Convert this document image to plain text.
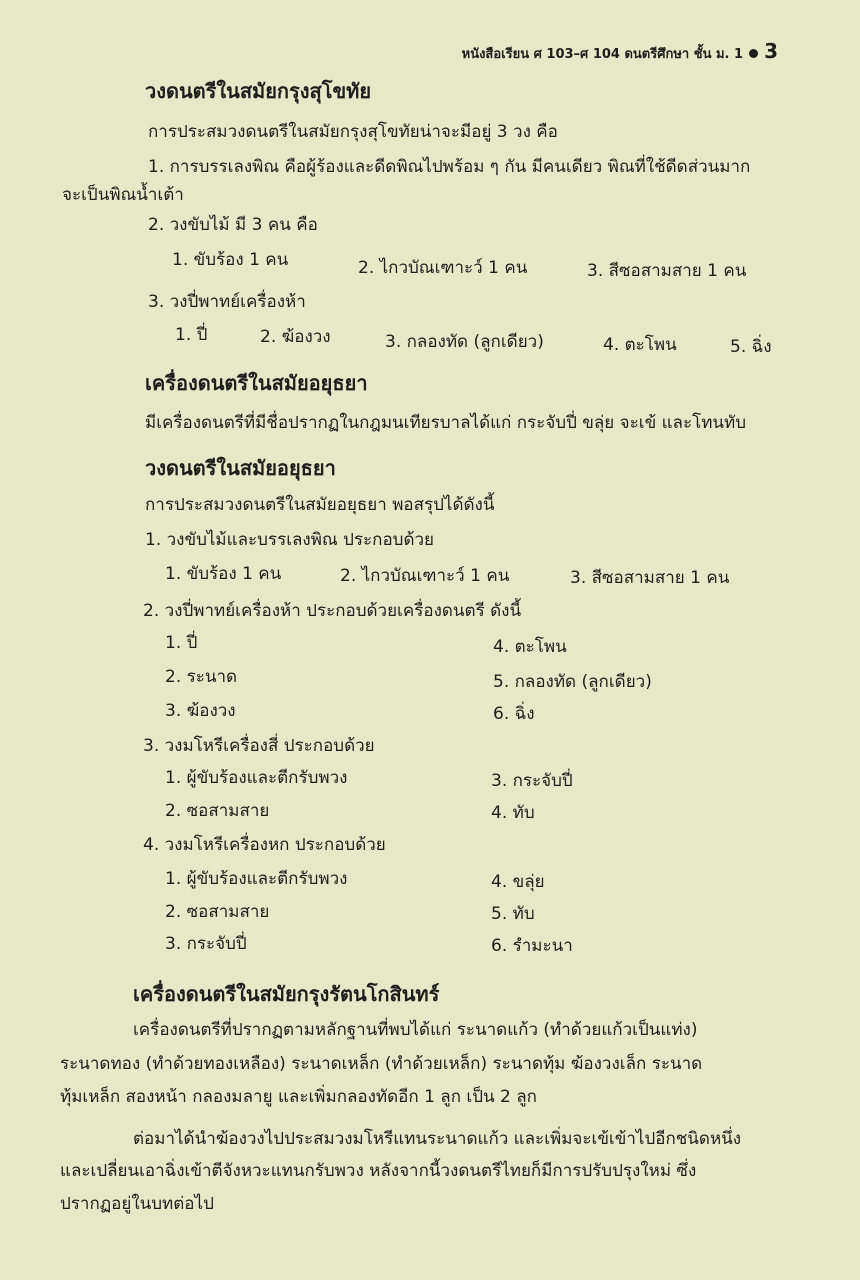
หนังสือเรียน ศ 103–ศ 104 ดนตรีศึกษา ชั้น ม. 1 3
วงดนตรีในสมัยกรุงสุโขทัย
การประสมวงดนตรีในสมัยกรุงสุโขทัยน่าจะมีอยู่ 3 วง คือ
1. การบรรเลงพิณ คือผู้ร้องและดีดพิณไปพร้อม ๆ กัน มีคนเดียว พิณที่ใช้ดีดส่วนมาก
จะเป็นพิณน้ำเต้า
2. วงขับไม้ มี 3 คน คือ
1. ขับร้อง 1 คน	2. ไกวบัณเฑาะว์ 1 คน	3. สีซอสามสาย 1 คน
3. วงปี่พาทย์เครื่องห้า
1. ปี่	2. ฆ้องวง	3. กลองทัด (ลูกเดียว)	4. ตะโพน	5. ฉิ่ง
เครื่องดนตรีในสมัยอยุธยา
มีเครื่องดนตรีที่มีชื่อปรากฏในกฎมนเทียรบาลได้แก่ กระจับปี่ ขลุ่ย จะเข้ และโทนทับ
วงดนตรีในสมัยอยุธยา
การประสมวงดนตรีในสมัยอยุธยา พอสรุปได้ดังนี้
1. วงขับไม้และบรรเลงพิณ ประกอบด้วย
1. ขับร้อง 1 คน	2. ไกวบัณเฑาะว์ 1 คน	3. สีซอสามสาย 1 คน
2. วงปี่พาทย์เครื่องห้า ประกอบด้วยเครื่องดนตรี ดังนี้
1. ปี่
2. ระนาด
3. ฆ้องวง
4. ตะโพน
5. กลองทัด (ลูกเดียว)
6. ฉิ่ง
3. วงมโหรีเครื่องสี่ ประกอบด้วย
1. ผู้ขับร้องและตีกรับพวง
2. ซอสามสาย
3. กระจับปี่
4. ทับ
4. วงมโหรีเครื่องหก ประกอบด้วย
1. ผู้ขับร้องและตีกรับพวง
2. ซอสามสาย
3. กระจับปี่
4. ขลุ่ย
5. ทับ
6. รำมะนา
เครื่องดนตรีในสมัยกรุงรัตนโกสินทร์
เครื่องดนตรีที่ปรากฏตามหลักฐานที่พบได้แก่ ระนาดแก้ว (ทำด้วยแก้วเป็นแท่ง)
ระนาดทอง (ทำด้วยทองเหลือง) ระนาดเหล็ก (ทำด้วยเหล็ก) ระนาดทุ้ม ฆ้องวงเล็ก ระนาด
ทุ้มเหล็ก สองหน้า กลองมลายู และเพิ่มกลองทัดอีก 1 ลูก เป็น 2 ลูก
ต่อมาได้นำฆ้องวงไปประสมวงมโหรีแทนระนาดแก้ว และเพิ่มจะเข้เข้าไปอีกชนิดหนึ่ง
และเปลี่ยนเอาฉิ่งเข้าตีจังหวะแทนกรับพวง หลังจากนี้วงดนตรีไทยก็มีการปรับปรุงใหม่ ซึ่ง
ปรากฏอยู่ในบทต่อไป
